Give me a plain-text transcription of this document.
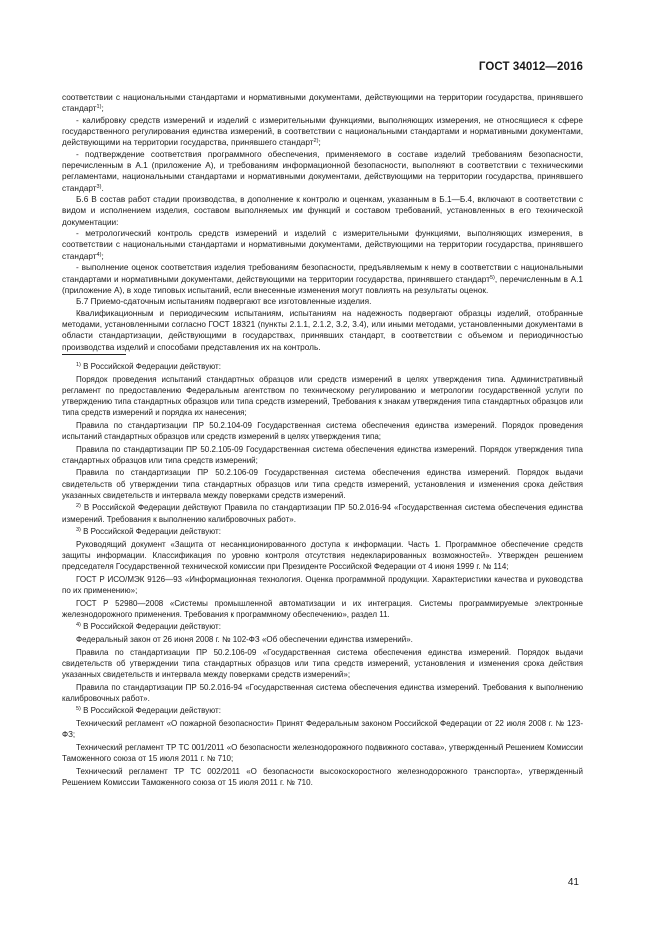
ГОСТ 34012—2016

соответствии с национальными стандартами и нормативными документами, действующими на территории государства, принявшего стандарт$^{1)}$;

- калибровку средств измерений и изделий с измерительными функциями, выполняющих измерения, не относящиеся к сфере государственного регулирования единства измерений, в соответствии с национальными стандартами и нормативными документами, действующими на территории государства, принявшего стандарт$^{2)}$;

- подтверждение соответствия программного обеспечения, применяемого в составе изделий требованиям безопасности, перечисленным в А.1 (приложение А), и требованиям информационной безопасности, выполняют в соответствии с техническими регламентами, национальными стандартами и нормативными документами, действующими на территории государства, принявшего стандарт$^{3)}$.

Б.6 В состав работ стадии производства, в дополнение к контролю и оценкам, указанным в Б.1—Б.4, включают в соответствии с видом и исполнением изделия, составом выполняемых им функций и составом требований, установленных в его технической документации:

- метрологический контроль средств измерений и изделий с измерительными функциями, выполняющих измерения, в соответствии с национальными стандартами и нормативными документами, действующими на территории государства, принявшего стандарт$^{4)}$;

- выполнение оценок соответствия изделия требованиям безопасности, предъявляемым к нему в соответствии с национальными стандартами и нормативными документами, действующими на территории государства, принявшего стандарт$^{5)}$, перечисленным в А.1 (приложение А), в ходе типовых испытаний, если внесенные изменения могут повлиять на результаты оценок.

Б.7 Приемо-сдаточным испытаниям подвергают все изготовленные изделия.

Квалификационным и периодическим испытаниям, испытаниям на надежность подвергают образцы изделий, отобранные методами, установленными согласно ГОСТ 18321 (пункты 2.1.1, 2.1.2, 3.2, 3.4), или иными методами, установленными документами в области стандартизации, действующими в государствах, принявших стандарт, в соответствии с объемом и периодичностью производства изделий и способами представления их на контроль.

$^{1)}$ В Российской Федерации действуют:

Порядок проведения испытаний стандартных образцов или средств измерений в целях утверждения типа. Административный регламент по предоставлению Федеральным агентством по техническому регулированию и метрологии государственной услуги по утверждению типа стандартных образцов или типа средств измерений, Требования к знакам утверждения типа стандартных образцов или типа средств измерений и порядка их нанесения;

Правила по стандартизации ПР 50.2.104-09 Государственная система обеспечения единства измерений. Порядок проведения испытаний стандартных образцов или средств измерений в целях утверждения типа;

Правила по стандартизации ПР 50.2.105-09 Государственная система обеспечения единства измерений. Порядок утверждения типа стандартных образцов или типа средств измерений;

Правила по стандартизации ПР 50.2.106-09 Государственная система обеспечения единства измерений. Порядок выдачи свидетельств об утверждении типа стандартных образцов или типа средств измерений, установления и изменения срока действия указанных свидетельств и интервала между поверками средств измерений.

$^{2)}$ В Российской Федерации действуют Правила по стандартизации ПР 50.2.016-94 «Государственная система обеспечения единства измерений. Требования к выполнению калибровочных работ».

$^{3)}$ В Российской Федерации действуют:

Руководящий документ «Защита от несанкционированного доступа к информации. Часть 1. Программное обеспечение средств защиты информации. Классификация по уровню контроля отсутствия недекларированных возможностей». Утвержден решением председателя Государственной технической комиссии при Президенте Российской Федерации от 4 июня 1999 г. № 114;

ГОСТ Р ИСО/МЭК 9126—93 «Информационная технология. Оценка программной продукции. Характеристики качества и руководства по их применению»;

ГОСТ Р 52980—2008 «Системы промышленной автоматизации и их интеграция. Системы программируемые электронные железнодорожного применения. Требования к программному обеспечению», раздел 11.

$^{4)}$ В Российской Федерации действуют:

Федеральный закон от 26 июня 2008 г. № 102-ФЗ «Об обеспечении единства измерений».

Правила по стандартизации ПР 50.2.106-09 «Государственная система обеспечения единства измерений. Порядок выдачи свидетельств об утверждении типа стандартных образцов или типа средств измерений, установления и изменения срока действия указанных свидетельств и интервала между поверками средств измерений»;

Правила по стандартизации ПР 50.2.016-94 «Государственная система обеспечения единства измерений. Требования к выполнению калибровочных работ».

$^{5)}$ В Российской Федерации действуют:

Технический регламент «О пожарной безопасности» Принят Федеральным законом Российской Федерации от 22 июля 2008 г. № 123-ФЗ;

Технический регламент ТР ТС 001/2011 «О безопасности железнодорожного подвижного состава», утвержденный Решением Комиссии Таможенного союза от 15 июля 2011 г. № 710;

Технический регламент ТР ТС 002/2011 «О безопасности высокоскоростного железнодорожного транспорта», утвержденный Решением Комиссии Таможенного союза от 15 июля 2011 г. № 710.

41
